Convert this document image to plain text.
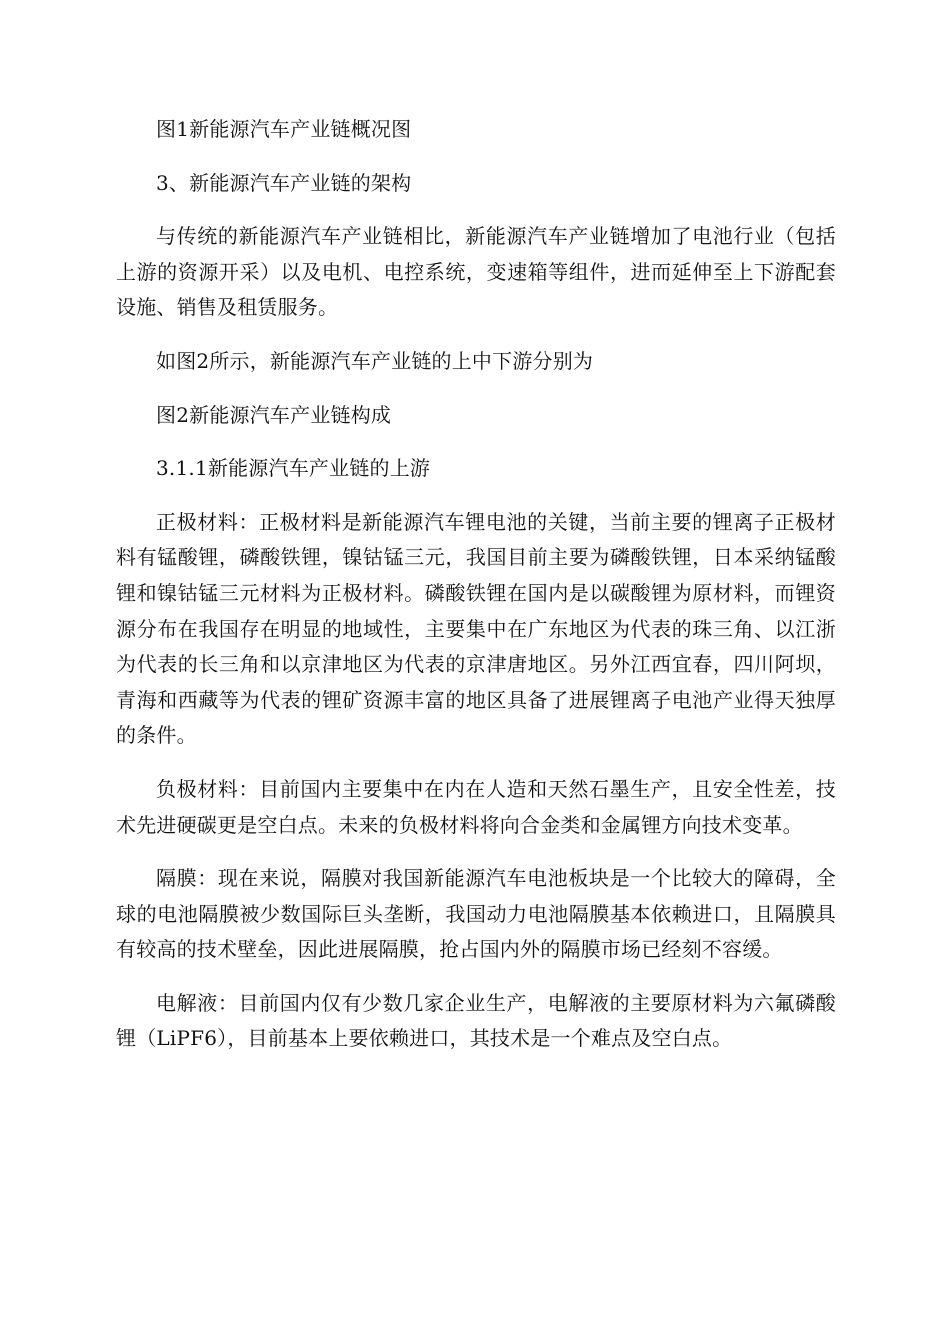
图1新能源汽车产业链概况图

3、新能源汽车产业链的架构

与传统的新能源汽车产业链相比，新能源汽车产业链增加了电池行业（包括上游的资源开采）以及电机、电控系统，变速箱等组件，进而延伸至上下游配套设施、销售及租赁服务。

如图2所示，新能源汽车产业链的上中下游分别为

图2新能源汽车产业链构成

3.1.1新能源汽车产业链的上游

正极材料：正极材料是新能源汽车锂电池的关键，当前主要的锂离子正极材料有锰酸锂，磷酸铁锂，镍钴锰三元，我国目前主要为磷酸铁锂，日本采纳锰酸锂和镍钴锰三元材料为正极材料。磷酸铁锂在国内是以碳酸锂为原材料，而锂资源分布在我国存在明显的地域性，主要集中在广东地区为代表的珠三角、以江浙为代表的长三角和以京津地区为代表的京津唐地区。另外江西宜春，四川阿坝，青海和西藏等为代表的锂矿资源丰富的地区具备了进展锂离子电池产业得天独厚的条件。

负极材料：目前国内主要集中在内在人造和天然石墨生产，且安全性差，技术先进硬碳更是空白点。未来的负极材料将向合金类和金属锂方向技术变革。

隔膜：现在来说，隔膜对我国新能源汽车电池板块是一个比较大的障碍，全球的电池隔膜被少数国际巨头垄断，我国动力电池隔膜基本依赖进口，且隔膜具有较高的技术壁垒，因此进展隔膜，抢占国内外的隔膜市场已经刻不容缓。

电解液：目前国内仅有少数几家企业生产，电解液的主要原材料为六氟磷酸锂（LiPF6），目前基本上要依赖进口，其技术是一个难点及空白点。
